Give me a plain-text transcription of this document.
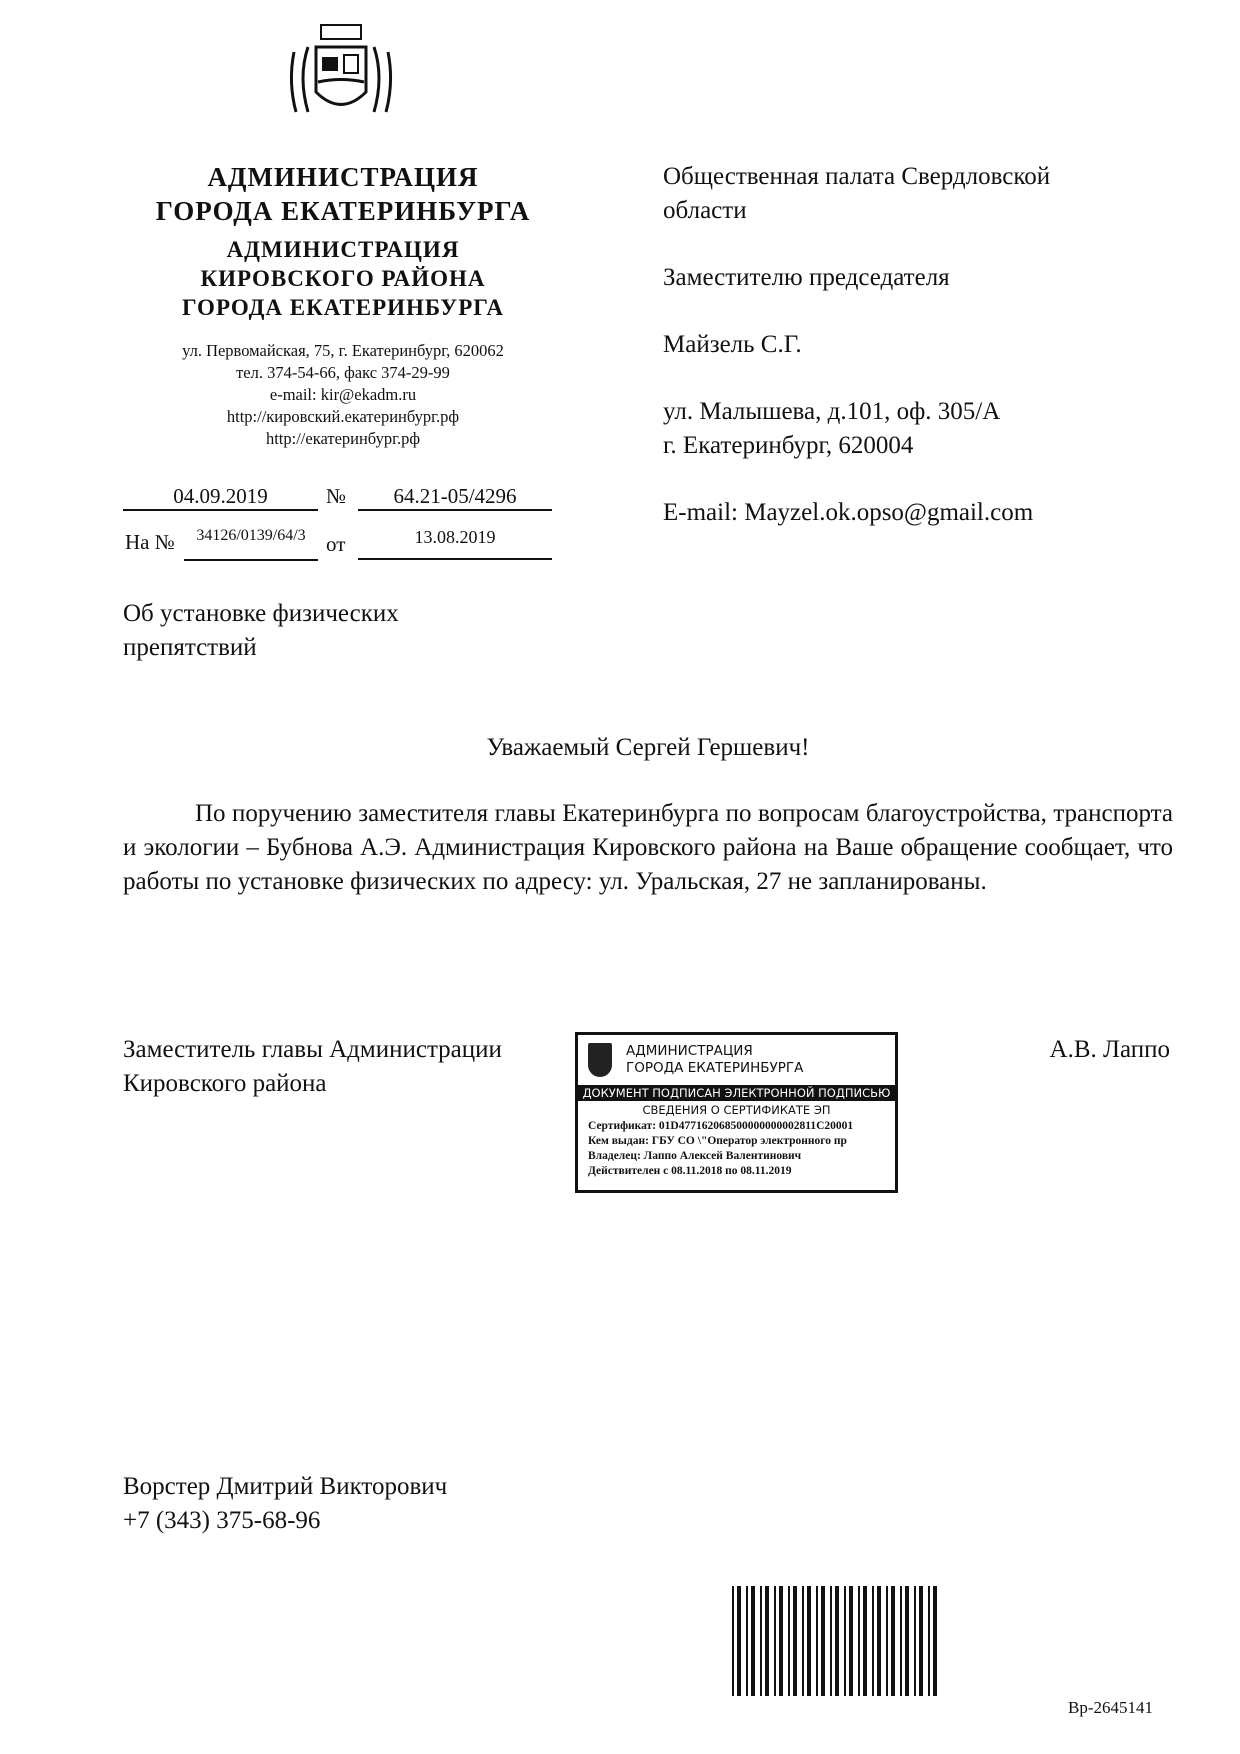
АДМИНИСТРАЦИЯ
ГОРОДА ЕКАТЕРИНБУРГА
АДМИНИСТРАЦИЯ
КИРОВСКОГО РАЙОНА
ГОРОДА ЕКАТЕРИНБУРГА
ул. Первомайская, 75, г. Екатеринбург, 620062
тел. 374-54-66, факс 374-29-99
e-mail: kir@ekadm.ru
http://кировский.екатеринбург.рф
http://екатеринбург.рф
04.09.2019	№	64.21-05/4296
На №	34126/0139/64/3 от	13.08.2019
Общественная палата Свердловской области
Заместителю председателя
Майзель С.Г.
ул. Малышева, д.101, оф. 305/А
г. Екатеринбург, 620004
E-mail: Mayzel.ok.opso@gmail.com
Об установке физических препятствий
Уважаемый Сергей Гершевич!
По поручению заместителя главы Екатеринбурга по вопросам благоустройства, транспорта и экологии – Бубнова А.Э. Администрация Кировского района на Ваше обращение сообщает, что работы по установке физических по адресу: ул. Уральская, 27 не запланированы.
Заместитель главы Администрации
Кировского района
А.В. Лаппо
АДМИНИСТРАЦИЯ
ГОРОДА ЕКАТЕРИНБУРГА
ДОКУМЕНТ ПОДПИСАН ЭЛЕКТРОННОЙ ПОДПИСЬЮ
СВЕДЕНИЯ О СЕРТИФИКАТЕ ЭП
Сертификат: 01D477162068500000000002811C20001
Кем выдан: ГБУ СО \"Оператор электронного пр
Владелец: Лаппо Алексей Валентинович
Действителен с 08.11.2018 по 08.11.2019
Ворстер Дмитрий Викторович
+7 (343) 375-68-96
Вр-2645141
